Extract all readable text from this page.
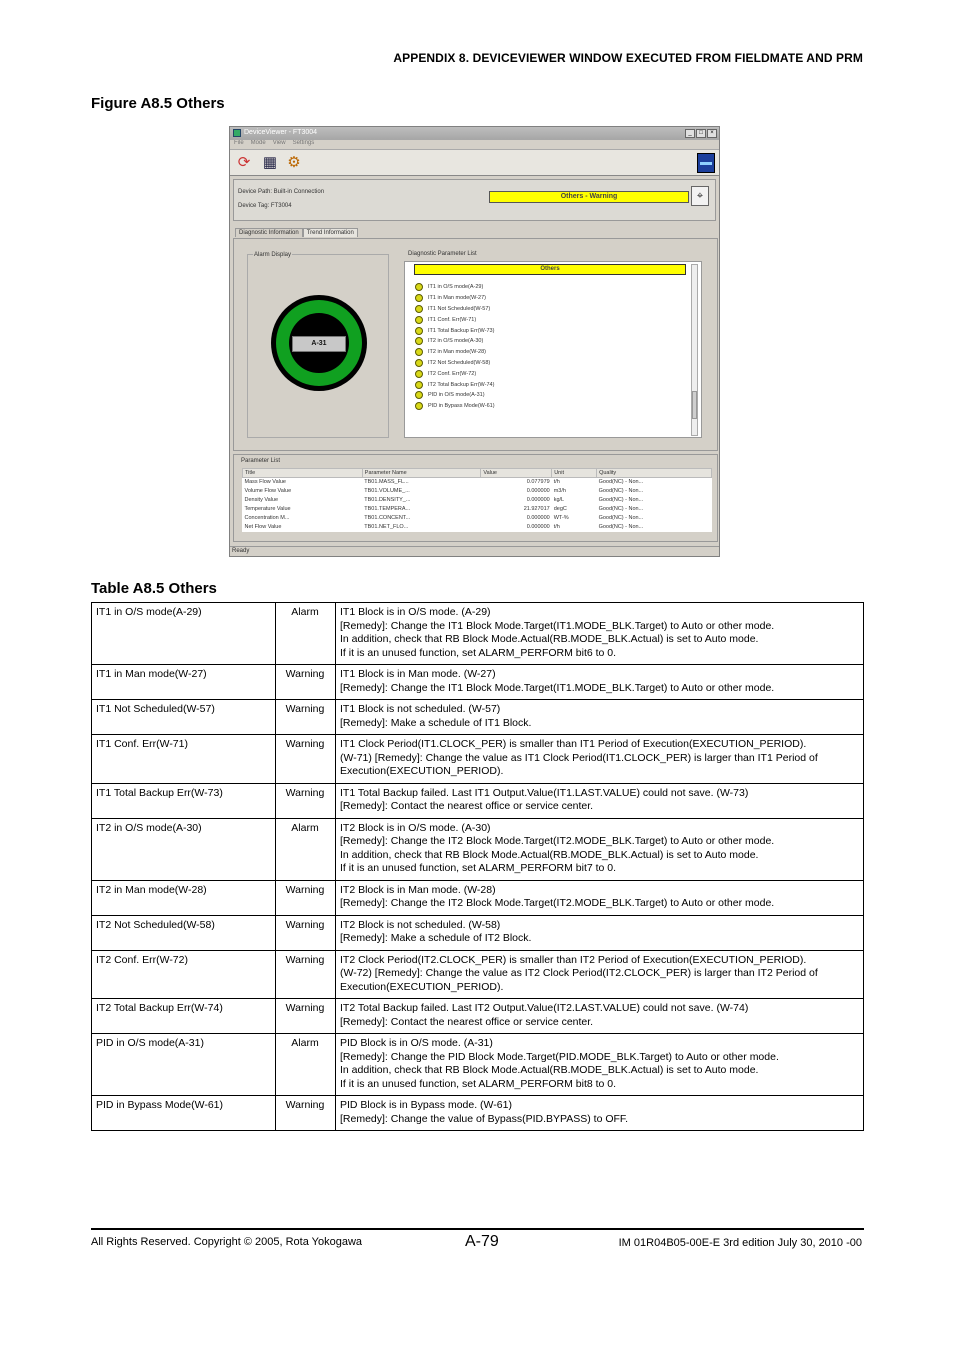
APPENDIX 8. DEVICEVIEWER WINDOW EXECUTED FROM FIELDMATE AND PRM
Figure A8.5 Others
DeviceViewer - FT3004	_	□	×
File Mode View Settings
⟳ ▦ ⚙
Device Path: Built-in Connection
Device Tag: FT3004
Others - Warning	⌖
Diagnostic Information	Trend Information
Alarm Display
A-31
Diagnostic Parameter List
Others
IT1 in O/S mode(A-29)
IT1 in Man mode(W-27)
IT1 Not Scheduled(W-57)
IT1 Conf. Err(W-71)
IT1 Total Backup Err(W-73)
IT2 in O/S mode(A-30)
IT2 in Man mode(W-28)
IT2 Not Scheduled(W-58)
IT2 Conf. Err(W-72)
IT2 Total Backup Err(W-74)
PID in O/S mode(A-31)
PID in Bypass Mode(W-61)
Parameter List
Title	Parameter Name	Value	Unit	Quality
Mass Flow Value	TB01.MASS_FL...	0.077979	t/h	Good(NC) - Non...
Volume Flow Value	TB01.VOLUME_...	0.000000	m3/h	Good(NC) - Non...
Density Value	TB01.DENSITY_...	0.000000	kg/L	Good(NC) - Non...
Temperature Value	TB01.TEMPERA...	21.927017	degC	Good(NC) - Non...
Concentration M...	TB01.CONCENT...	0.000000	WT-%	Good(NC) - Non...
Net Flow Value	TB01.NET_FLO...	0.000000	t/h	Good(NC) - Non...
Ready
Table A8.5 Others
IT1 in O/S mode(A-29)	Alarm	IT1 Block is in O/S mode. (A-29)
[Remedy]: Change the IT1 Block Mode.Target(IT1.MODE_BLK.Target) to Auto or other mode.
In addition, check that RB Block Mode.Actual(RB.MODE_BLK.Actual) is set to Auto mode.
If it is an unused function, set ALARM_PERFORM bit6 to 0.

IT1 in Man mode(W-27)	Warning	IT1 Block is in Man mode. (W-27)
[Remedy]: Change the IT1 Block Mode.Target(IT1.MODE_BLK.Target) to Auto or other mode.

IT1 Not Scheduled(W-57)	Warning	IT1 Block is not scheduled. (W-57)
[Remedy]: Make a schedule of IT1 Block.

IT1 Conf. Err(W-71)	Warning	IT1 Clock Period(IT1.CLOCK_PER) is smaller than IT1 Period of Execution(EXECUTION_PERIOD).
(W-71) [Remedy]: Change the value as IT1 Clock Period(IT1.CLOCK_PER) is larger than IT1 Period of
Execution(EXECUTION_PERIOD).

IT1 Total Backup Err(W-73)	Warning	IT1 Total Backup failed. Last IT1 Output.Value(IT1.LAST.VALUE) could not save. (W-73)
[Remedy]: Contact the nearest office or service center.

IT2 in O/S mode(A-30)	Alarm	IT2 Block is in O/S mode. (A-30)
[Remedy]: Change the IT2 Block Mode.Target(IT2.MODE_BLK.Target) to Auto or other mode.
In addition, check that RB Block Mode.Actual(RB.MODE_BLK.Actual) is set to Auto mode.
If it is an unused function, set ALARM_PERFORM bit7 to 0.

IT2 in Man mode(W-28)	Warning	IT2 Block is in Man mode. (W-28)
[Remedy]: Change the IT2 Block Mode.Target(IT2.MODE_BLK.Target) to Auto or other mode.

IT2 Not Scheduled(W-58)	Warning	IT2 Block is not scheduled. (W-58)
[Remedy]: Make a schedule of IT2 Block.

IT2 Conf. Err(W-72)	Warning	IT2 Clock Period(IT2.CLOCK_PER) is smaller than IT2 Period of Execution(EXECUTION_PERIOD).
(W-72) [Remedy]: Change the value as IT2 Clock Period(IT2.CLOCK_PER) is larger than IT2 Period of
Execution(EXECUTION_PERIOD).

IT2 Total Backup Err(W-74)	Warning	IT2 Total Backup failed. Last IT2 Output.Value(IT2.LAST.VALUE) could not save. (W-74)
[Remedy]: Contact the nearest office or service center.

PID in O/S mode(A-31)	Alarm	PID Block is in O/S mode. (A-31)
[Remedy]: Change the PID Block Mode.Target(PID.MODE_BLK.Target) to Auto or other mode.
In addition, check that RB Block Mode.Actual(RB.MODE_BLK.Actual) is set to Auto mode.
If it is an unused function, set ALARM_PERFORM bit8 to 0.

PID in Bypass Mode(W-61)	Warning	PID Block is in Bypass mode. (W-61)
[Remedy]: Change the value of Bypass(PID.BYPASS) to OFF.
All Rights Reserved. Copyright © 2005, Rota Yokogawa	A-79	IM 01R04B05-00E-E 3rd edition July 30, 2010 -00
